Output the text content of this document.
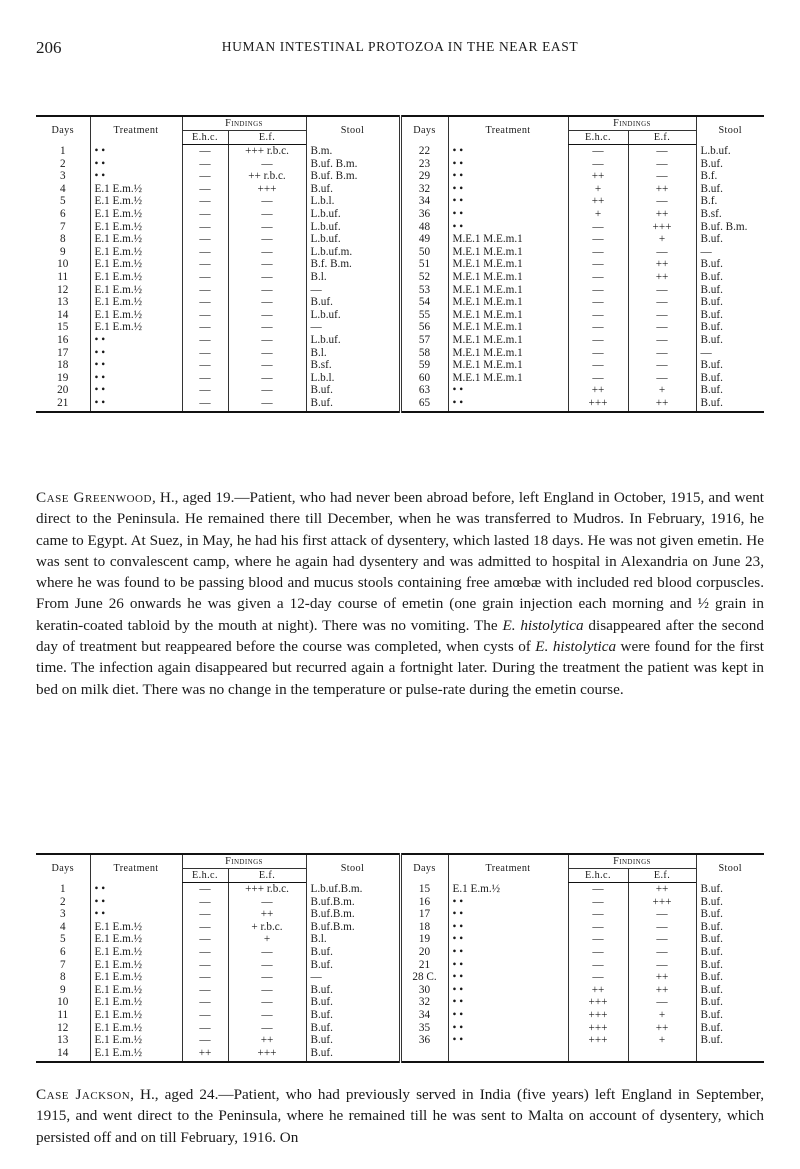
206	HUMAN INTESTINAL PROTOZOA IN THE NEAR EAST
Days	Treatment	Findings		Stool	Days	Treatment	Findings		Stool
		E.h.c.	E.f.				E.h.c.	E.f.	
1	• •	—	+++ r.b.c.	B.m.	22	• •	—	—	L.b.uf.
2	• •	—	—	B.uf. B.m.	23	• •	—	—	B.uf.
3	• •	—	++ r.b.c.	B.uf. B.m.	29	• •	++	—	B.f.
4	E.1 E.m.½	—	+++	B.uf.	32	• •	+	++	B.uf.
5	E.1 E.m.½	—	—	L.b.l.	34	• •	++	—	B.f.
6	E.1 E.m.½	—	—	L.b.uf.	36	• •	+	++	B.sf.
7	E.1 E.m.½	—	—	L.b.uf.	48	• •	—	+++	B.uf. B.m.
8	E.1 E.m.½	—	—	L.b.uf.	49	M.E.1 M.E.m.1	—	+	B.uf.
9	E.1 E.m.½	—	—	L.b.uf.m.	50	M.E.1 M.E.m.1	—	—	—
10	E.1 E.m.½	—	—	B.f. B.m.	51	M.E.1 M.E.m.1	—	++	B.uf.
11	E.1 E.m.½	—	—	B.l.	52	M.E.1 M.E.m.1	—	++	B.uf.
12	E.1 E.m.½	—	—	—	53	M.E.1 M.E.m.1	—	—	B.uf.
13	E.1 E.m.½	—	—	B.uf.	54	M.E.1 M.E.m.1	—	—	B.uf.
14	E.1 E.m.½	—	—	L.b.uf.	55	M.E.1 M.E.m.1	—	—	B.uf.
15	E.1 E.m.½	—	—	—	56	M.E.1 M.E.m.1	—	—	B.uf.
16	• •	—	—	L.b.uf.	57	M.E.1 M.E.m.1	—	—	B.uf.
17	• •	—	—	B.l.	58	M.E.1 M.E.m.1	—	—	—
18	• •	—	—	B.sf.	59	M.E.1 M.E.m.1	—	—	B.uf.
19	• •	—	—	L.b.l.	60	M.E.1 M.E.m.1	—	—	B.uf.
20	• •	—	—	B.uf.	63	• •	++	+	B.uf.
21	• •	—	—	B.uf.	65	• •	+++	++	B.uf.

Case Greenwood, H., aged 19.—Patient, who had never been abroad before, left England in October, 1915, and went direct to the Peninsula. He remained there till December, when he was transferred to Mudros. In February, 1916, he came to Egypt. At Suez, in May, he had his first attack of dysentery, which lasted 18 days. He was not given emetin. He was sent to convalescent camp, where he again had dysentery and was admitted to hospital in Alexandria on June 23, where he was found to be passing blood and mucus stools containing free amœbæ with included red blood corpuscles. From June 26 onwards he was given a 12-day course of emetin (one grain injection each morning and ½ grain in keratin-coated tabloid by the mouth at night). There was no vomiting. The E. histolytica disappeared after the second day of treatment but reappeared before the course was completed, when cysts of E. histolytica were found for the first time. The infection again disappeared but recurred again a fortnight later. During the treatment the patient was kept in bed on milk diet. There was no change in the temperature or pulse-rate during the emetin course.

Days	Treatment	Findings		Stool	Days	Treatment	Findings		Stool
		E.h.c.	E.f.				E.h.c.	E.f.	
1	• •	—	+++ r.b.c.	L.b.uf.B.m.	15	E.1 E.m.½	—	++	B.uf.
2	• •	—	—	B.uf.B.m.	16	• •	—	+++	B.uf.
3	• •	—	++	B.uf.B.m.	17	• •	—	—	B.uf.
4	E.1 E.m.½	—	+ r.b.c.	B.uf.B.m.	18	• •	—	—	B.uf.
5	E.1 E.m.½	—	+	B.l.	19	• •	—	—	B.uf.
6	E.1 E.m.½	—	—	B.uf.	20	• •	—	—	B.uf.
7	E.1 E.m.½	—	—	B.uf.	21	• •	—	—	B.uf.
8	E.1 E.m.½	—	—	—	28 C.	• •	—	++	B.uf.
9	E.1 E.m.½	—	—	B.uf.	30	• •	++	++	B.uf.
10	E.1 E.m.½	—	—	B.uf.	32	• •	+++	—	B.uf.
11	E.1 E.m.½	—	—	B.uf.	34	• •	+++	+	B.uf.
12	E.1 E.m.½	—	—	B.uf.	35	• •	+++	++	B.uf.
13	E.1 E.m.½	—	++	B.uf.	36	• •	+++	+	B.uf.
14	E.1 E.m.½	++	+++	B.uf.					

Case Jackson, H., aged 24.—Patient, who had previously served in India (five years) left England in September, 1915, and went direct to the Peninsula, where he remained till he was sent to Malta on account of dysentery, which persisted off and on till February, 1916. On
